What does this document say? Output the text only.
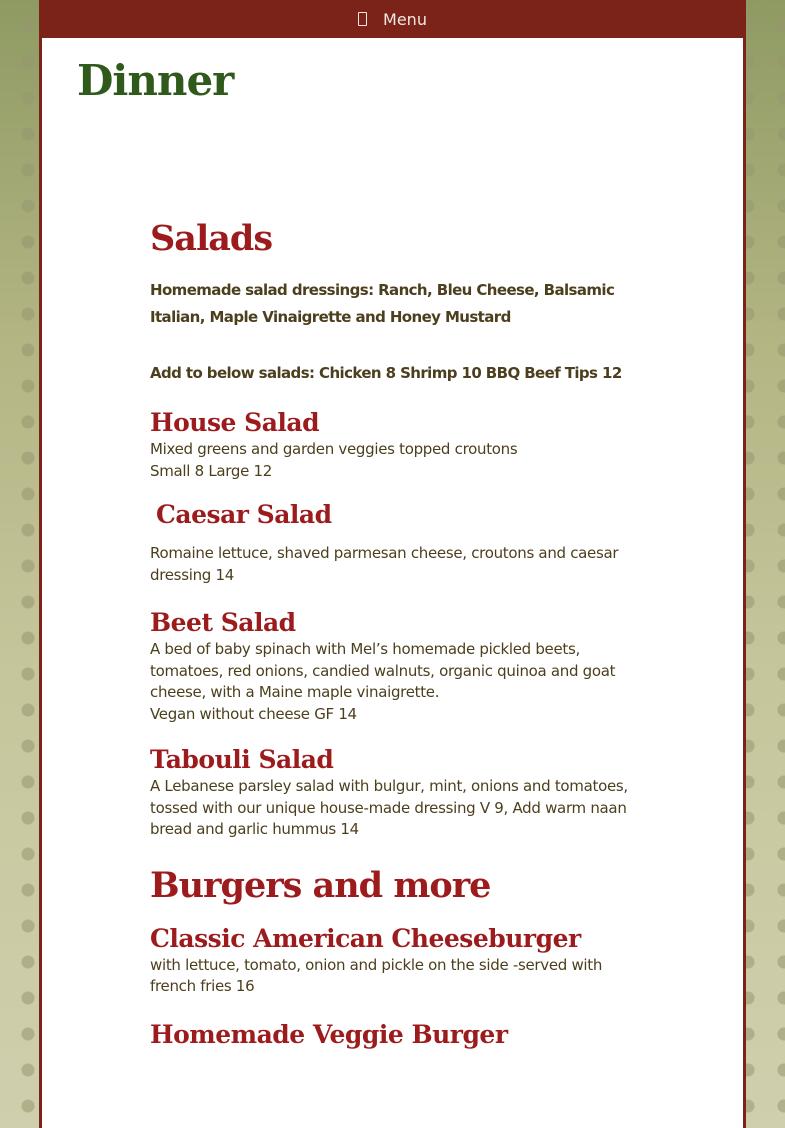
Menu
Dinner
Salads

Homemade salad dressings: Ranch, Bleu Cheese, Balsamic Italian, Maple Vinaigrette and Honey Mustard

Add to below salads: Chicken 8 Shrimp 10 BBQ Beef Tips 12

House Salad

Mixed greens and garden veggies topped croutons

Small 8 Large 12

Caesar Salad

Romaine lettuce, shaved parmesan cheese, croutons and caesar dressing 14

Beet Salad

A bed of baby spinach with Mel’s homemade pickled beets, tomatoes, red onions, candied walnuts, organic quinoa and goat cheese, with a Maine maple vinaigrette.

Vegan without cheese GF 14

Tabouli Salad

A Lebanese parsley salad with bulgur, mint, onions and tomatoes, tossed with our unique house-made dressing V 9, Add warm naan bread and garlic hummus 14

Burgers and more
Classic American Cheeseburger

with lettuce, tomato, onion and pickle on the side -served with french fries 16

Homemade Veggie Burger
